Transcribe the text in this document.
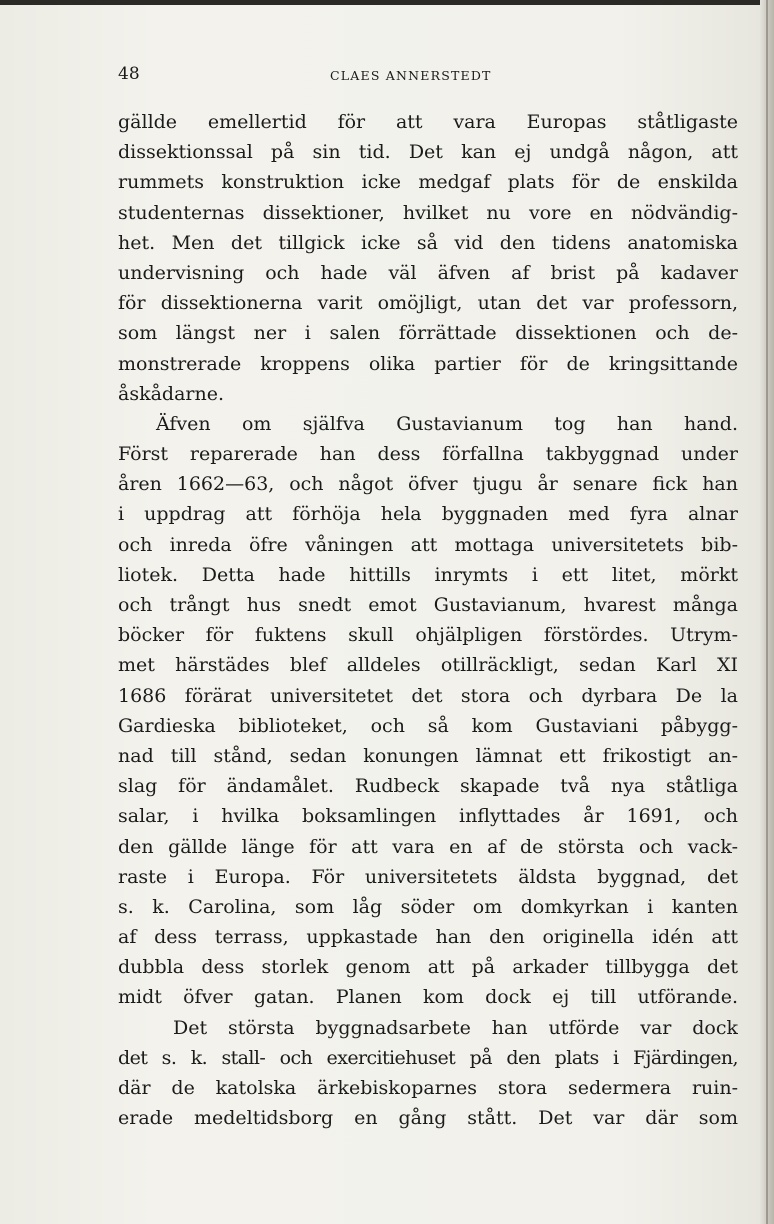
48	CLAES ANNERSTEDT
gällde emellertid för att vara Europas ståtligaste
dissektionssal på sin tid. Det kan ej undgå någon, att
rummets konstruktion icke medgaf plats för de enskilda
studenternas dissektioner, hvilket nu vore en nödvändig-
het. Men det tillgick icke så vid den tidens anatomiska
undervisning och hade väl äfven af brist på kadaver
för dissektionerna varit omöjligt, utan det var professorn,
som längst ner i salen förrättade dissektionen och de-
monstrerade kroppens olika partier för de kringsittande
åskådarne.
Äfven om själfva Gustavianum tog han hand.
Först reparerade han dess förfallna takbyggnad under
åren 1662—63, och något öfver tjugu år senare fick han
i uppdrag att förhöja hela byggnaden med fyra alnar
och inreda öfre våningen att mottaga universitetets bib-
liotek. Detta hade hittills inrymts i ett litet, mörkt
och trångt hus snedt emot Gustavianum, hvarest många
böcker för fuktens skull ohjälpligen förstördes. Utrym-
met härstädes blef alldeles otillräckligt, sedan Karl XI
1686 förärat universitetet det stora och dyrbara De la
Gardieska biblioteket, och så kom Gustaviani påbygg-
nad till stånd, sedan konungen lämnat ett frikostigt an-
slag för ändamålet. Rudbeck skapade två nya ståtliga
salar, i hvilka boksamlingen inflyttades år 1691, och
den gällde länge för att vara en af de största och vack-
raste i Europa. För universitetets äldsta byggnad, det
s. k. Carolina, som låg söder om domkyrkan i kanten
af dess terrass, uppkastade han den originella idén att
dubbla dess storlek genom att på arkader tillbygga det
midt öfver gatan. Planen kom dock ej till utförande.
Det största byggnadsarbete han utförde var dock
det s. k. stall- och exercitiehuset på den plats i Fjärdingen,
där de katolska ärkebiskoparnes stora sedermera ruin-
erade medeltidsborg en gång stått. Det var där som
